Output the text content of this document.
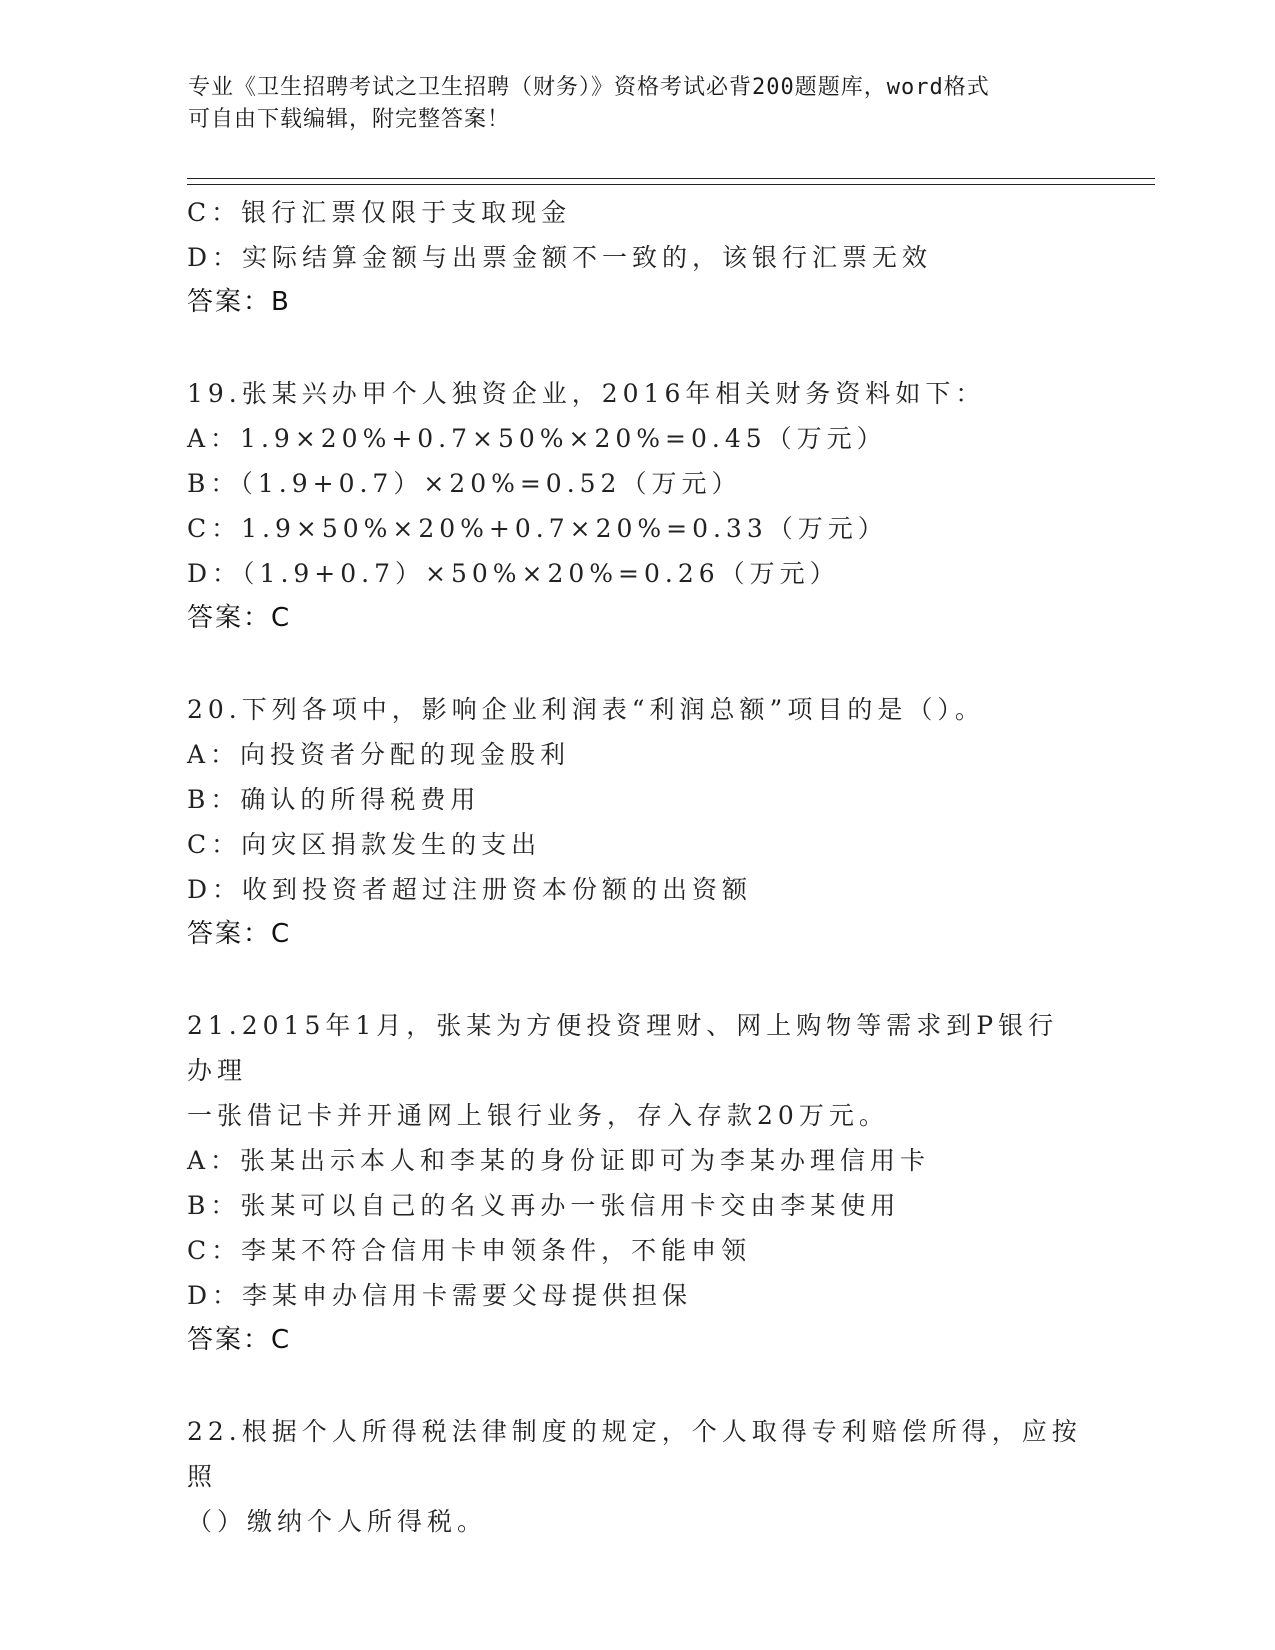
专业《卫生招聘考试之卫生招聘（财务）》资格考试必背200题题库，word格式
可自由下载编辑，附完整答案！
C：银行汇票仅限于支取现金
D：实际结算金额与出票金额不一致的，该银行汇票无效
答案：B
19.张某兴办甲个人独资企业，2016年相关财务资料如下：
A：1.9×20%+0.7×50%×20%=0.45（万元）
B：（1.9+0.7）×20%=0.52（万元）
C：1.9×50%×20%+0.7×20%=0.33（万元）
D：（1.9+0.7）×50%×20%=0.26（万元）
答案：C
20.下列各项中，影响企业利润表“利润总额”项目的是（）。
A：向投资者分配的现金股利
B：确认的所得税费用
C：向灾区捐款发生的支出
D：收到投资者超过注册资本份额的出资额
答案：C
21.2015年1月，张某为方便投资理财、网上购物等需求到P银行办理
一张借记卡并开通网上银行业务，存入存款20万元。
A：张某出示本人和李某的身份证即可为李某办理信用卡
B：张某可以自己的名义再办一张信用卡交由李某使用
C：李某不符合信用卡申领条件，不能申领
D：李某申办信用卡需要父母提供担保
答案：C
22.根据个人所得税法律制度的规定，个人取得专利赔偿所得，应按照
（）缴纳个人所得税。
